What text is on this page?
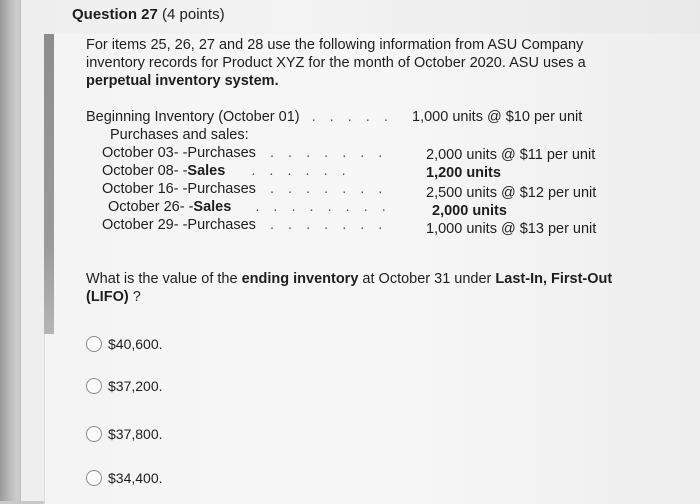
Question 27 (4 points)
For items 25, 26, 27 and 28 use the following information from ASU Company
inventory records for Product XYZ for the month of October 2020. ASU uses a
perpetual inventory system.
Beginning Inventory (October 01) . . . . . 1,000 units @ $10 per unit
Purchases and sales:
October 03- -Purchases . . . . . . .	2,000 units @ $11 per unit
October 08- -Sales . . . . . .	1,200 units
October 16- -Purchases . . . . . . .	2,500 units @ $12 per unit
October 26- -Sales . . . . . . . .	2,000 units
October 29- -Purchases . . . . . . .	1,000 units @ $13 per unit
What is the value of the ending inventory at October 31 under Last-In, First-Out (LIFO) ?
$40,600.
$37,200.
$37,800.
$34,400.
